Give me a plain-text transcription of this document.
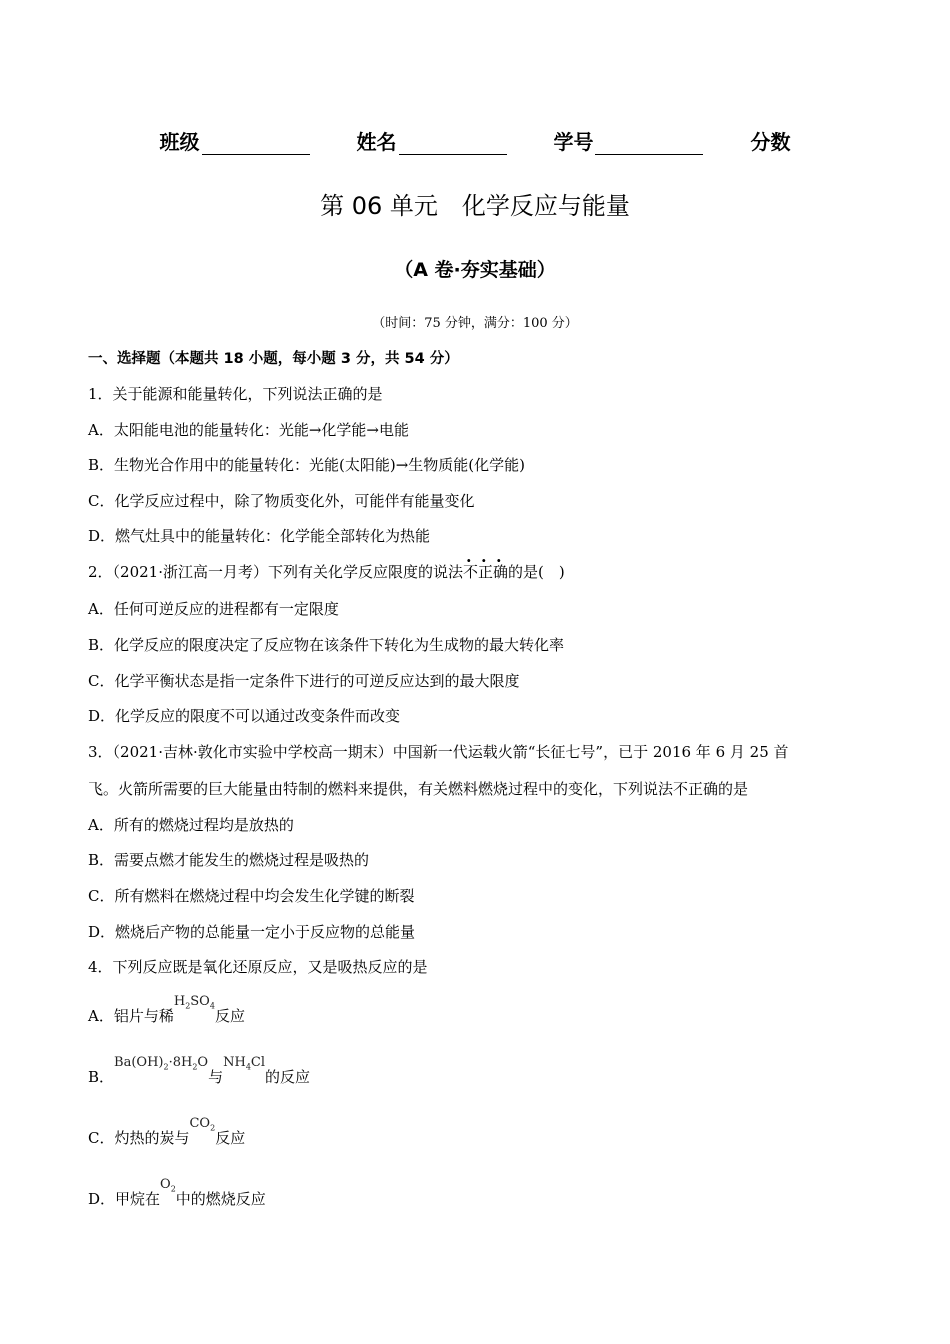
班级	姓名	学号	分数
第 06 单元　化学反应与能量
（A 卷·夯实基础）
（时间：75 分钟，满分：100 分）
一、选择题（本题共 18 小题，每小题 3 分，共 54 分）
1．关于能源和能量转化，下列说法正确的是
A．太阳能电池的能量转化：光能→化学能→电能
B．生物光合作用中的能量转化：光能(太阳能)→生物质能(化学能)
C．化学反应过程中，除了物质变化外，可能伴有能量变化
D．燃气灶具中的能量转化：化学能全部转化为热能
2．（2021·浙江高一月考）下列有关化学反应限度的说法不正确的是(　)
A．任何可逆反应的进程都有一定限度
B．化学反应的限度决定了反应物在该条件下转化为生成物的最大转化率
C．化学平衡状态是指一定条件下进行的可逆反应达到的最大限度
D．化学反应的限度不可以通过改变条件而改变
3．（2021·吉林·敦化市实验中学校高一期末）中国新一代运载火箭“长征七号”，已于 2016 年 6 月 25 首
飞。火箭所需要的巨大能量由特制的燃料来提供，有关燃料燃烧过程中的变化，下列说法不正确的是
A．所有的燃烧过程均是放热的
B．需要点燃才能发生的燃烧过程是吸热的
C．所有燃料在燃烧过程中均会发生化学键的断裂
D．燃烧后产物的总能量一定小于反应物的总能量
4．下列反应既是氧化还原反应，又是吸热反应的是
A．铝片与稀$H_2SO_4$反应
B．$Ba(OH)_2\cdot 8H_2O$与$NH_4Cl$的反应
C．灼热的炭与$CO_2$反应
D．甲烷在$O_2$中的燃烧反应
